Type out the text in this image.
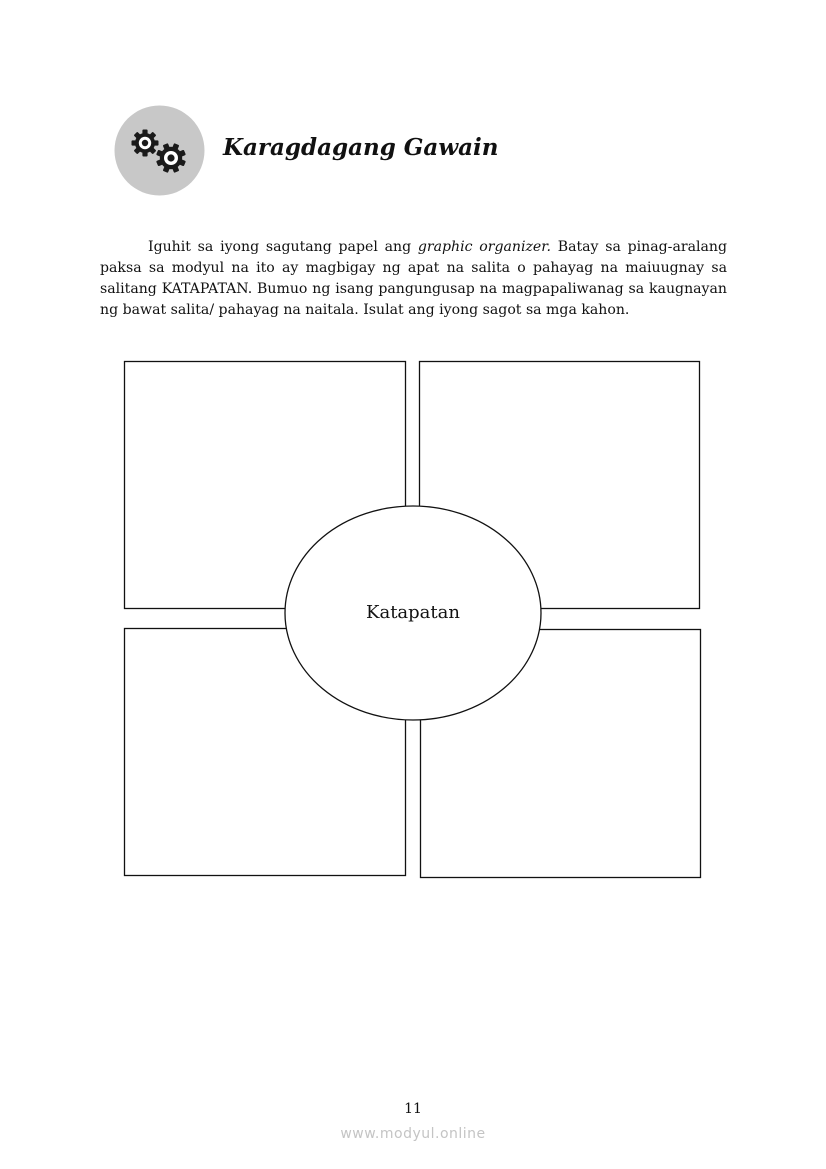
Karagdagang Gawain

Iguhit sa iyong sagutang papel ang graphic organizer. Batay sa pinag-aralang paksa sa modyul na ito ay magbigay ng apat na salita o pahayag na maiuugnay sa salitang KATAPATAN. Bumuo ng isang pangungusap na magpapaliwanag sa kaugnayan ng bawat salita/ pahayag na naitala. Isulat ang iyong sagot sa mga kahon.

Katapatan
11
www.modyul.online
